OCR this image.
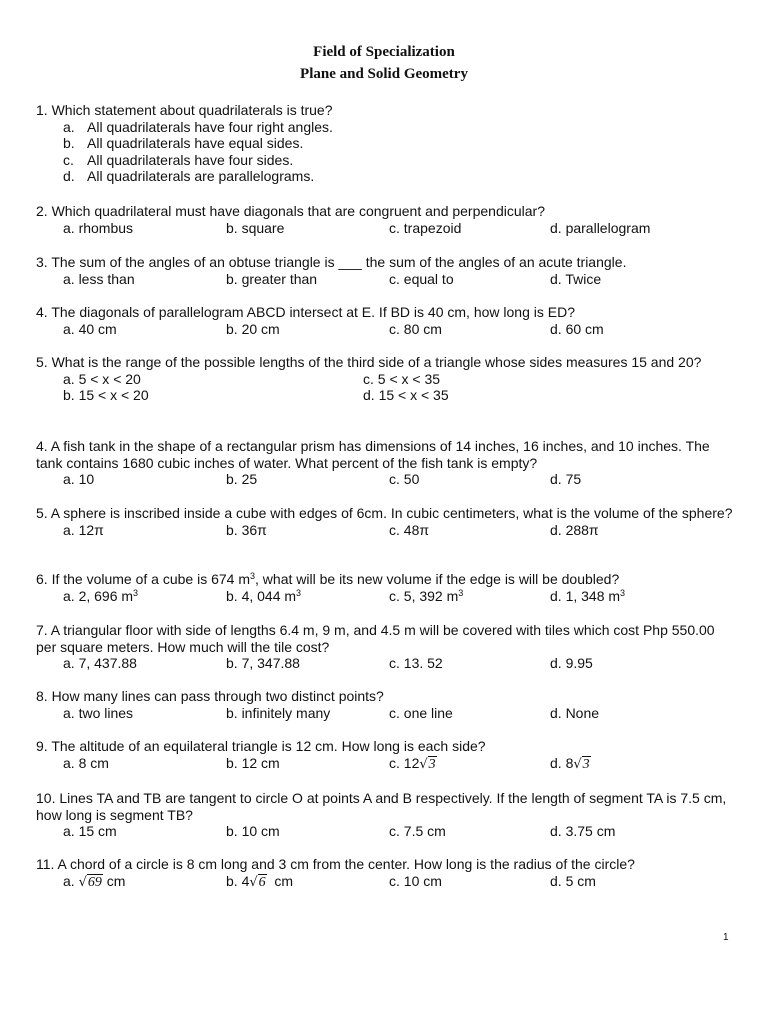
Field of Specialization
Plane and Solid Geometry
1. Which statement about quadrilaterals is true?
a. All quadrilaterals have four right angles.
b. All quadrilaterals have equal sides.
c. All quadrilaterals have four sides.
d. All quadrilaterals are parallelograms.
2. Which quadrilateral must have diagonals that are congruent and perpendicular?
a. rhombus	b. square	c. trapezoid	d. parallelogram
3. The sum of the angles of an obtuse triangle is ___ the sum of the angles of an acute triangle.
a. less than	b. greater than	c. equal to	d. Twice
4. The diagonals of parallelogram ABCD intersect at E. If BD is 40 cm, how long is ED?
a. 40 cm	b. 20 cm	c. 80 cm	d. 60 cm
5. What is the range of the possible lengths of the third side of a triangle whose sides measures 15 and 20?
a. 5 < x < 20	c. 5 < x < 35
b. 15 < x < 20	d. 15 < x < 35
4. A fish tank in the shape of a rectangular prism has dimensions of 14 inches, 16 inches, and 10 inches. The tank contains 1680 cubic inches of water. What percent of the fish tank is empty?
a. 10	b. 25	c. 50	d. 75
5. A sphere is inscribed inside a cube with edges of 6cm. In cubic centimeters, what is the volume of the sphere?
a. 12π	b. 36π	c. 48π	d. 288π
6. If the volume of a cube is 674 $m^3$, what will be its new volume if the edge is will be doubled?
a. 2, 696 $m^3$	b. 4, 044 $m^3$	c. 5, 392 $m^3$	d. 1, 348 $m^3$
7. A triangular floor with side of lengths 6.4 m, 9 m, and 4.5 m will be covered with tiles which cost Php 550.00 per square meters. How much will the tile cost?
a. 7, 437.88	b. 7, 347.88	c. 13. 52	d. 9.95
8. How many lines can pass through two distinct points?
a. two lines	b. infinitely many	c. one line	d. None
9. The altitude of an equilateral triangle is 12 cm. How long is each side?
a. 8 cm	b. 12 cm	c. 12√3	d. 8√3
10. Lines TA and TB are tangent to circle O at points A and B respectively. If the length of segment TA is 7.5 cm, how long is segment TB?
a. 15 cm	b. 10 cm	c. 7.5 cm	d. 3.75 cm
11. A chord of a circle is 8 cm long and 3 cm from the center. How long is the radius of the circle?
a. √69 cm	b. 4√6  cm	c. 10 cm	d. 5 cm
1
